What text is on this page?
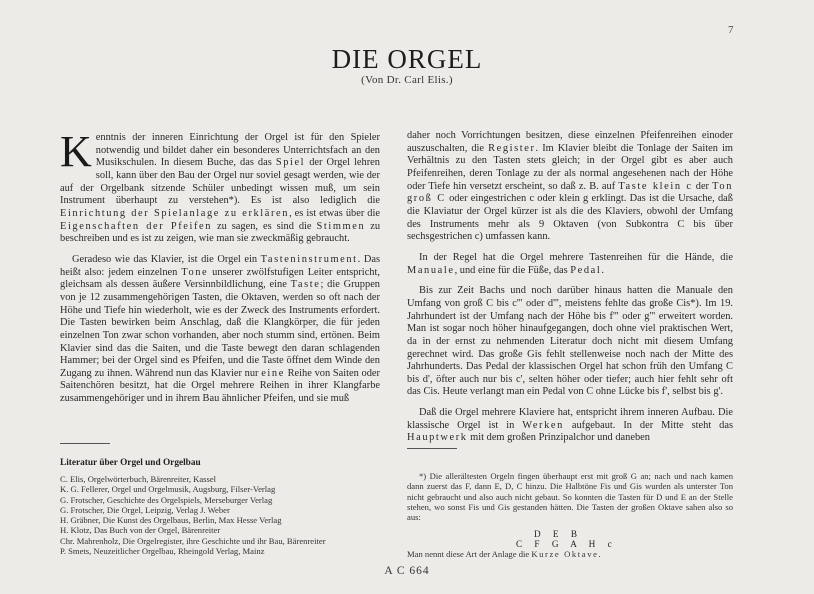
7
DIE ORGEL
(Von Dr. Carl Elis.)

Kenntnis der inneren Einrichtung der Orgel ist für den Spieler notwendig und bildet daher ein besonderes Unterrichtsfach an den Musikschulen. In diesem Buche, das das Spiel der Orgel lehren soll, kann über den Bau der Orgel nur soviel gesagt werden, wie der auf der Orgelbank sitzende Schüler unbedingt wissen muß, um sein Instrument überhaupt zu verstehen*). Es ist also lediglich die Einrichtung der Spielanlage zu erklären, es ist etwas über die Eigenschaften der Pfeifen zu sagen, es sind die Stimmen zu beschreiben und es ist zu zeigen, wie man sie zweckmäßig gebraucht.

Geradeso wie das Klavier, ist die Orgel ein Tasteninstrument. Das heißt also: jedem einzelnen Tone unserer zwölfstufigen Leiter entspricht, gleichsam als dessen äußere Versinnbildlichung, eine Taste; die Gruppen von je 12 zusammengehörigen Tasten, die Oktaven, werden so oft nach der Höhe und Tiefe hin wiederholt, wie es der Zweck des Instruments erfordert. Die Tasten bewirken beim Anschlag, daß die Klangkörper, die für jeden einzelnen Ton zwar schon vorhanden, aber noch stumm sind, ertönen. Beim Klavier sind das die Saiten, und die Taste bewegt den daran schlagenden Hammer; bei der Orgel sind es Pfeifen, und die Taste öffnet dem Winde den Zugang zu ihnen. Während nun das Klavier nur eine Reihe von Saiten oder Saitenchören besitzt, hat die Orgel mehrere Reihen in ihrer Klangfarbe zusammengehöriger und in ihrem Bau ähnlicher Pfeifen, und sie muß

daher noch Vorrichtungen besitzen, diese einzelnen Pfeifenreihen einoder auszuschalten, die Register. Im Klavier bleibt die Tonlage der Saiten im Verhältnis zu den Tasten stets gleich; in der Orgel gibt es aber auch Pfeifenreihen, deren Tonlage zu der als normal angesehenen nach der Höhe oder Tiefe hin versetzt erscheint, so daß z. B. auf Taste klein c der Ton groß C oder eingestrichen c oder klein g erklingt. Das ist die Ursache, daß die Klaviatur der Orgel kürzer ist als die des Klaviers, obwohl der Umfang des Instruments mehr als 9 Oktaven (von Subkontra C bis über sechsgestrichen c) umfassen kann.

In der Regel hat die Orgel mehrere Tastenreihen für die Hände, die Manuale, und eine für die Füße, das Pedal.

Bis zur Zeit Bachs und noch darüber hinaus hatten die Manuale den Umfang von groß C bis c''' oder d''', meistens fehlte das große Cis*). Im 19. Jahrhundert ist der Umfang nach der Höhe bis f''' oder g''' erweitert worden. Man ist sogar noch höher hinaufgegangen, doch ohne viel praktischen Wert, da in der ernst zu nehmenden Literatur doch nicht mit diesem Umfang gerechnet wird. Das große Gis fehlt stellenweise noch nach der Mitte des Jahrhunderts. Das Pedal der klassischen Orgel hat schon früh den Umfang C bis d', öfter auch nur bis c', selten höher oder tiefer; auch hier fehlt sehr oft das Cis. Heute verlangt man ein Pedal von C ohne Lücke bis f', selbst bis g'.

Daß die Orgel mehrere Klaviere hat, entspricht ihrem inneren Aufbau. Die klassische Orgel ist in Werken aufgebaut. In der Mitte steht das Hauptwerk mit dem großen Prinzipalchor und daneben

Literatur über Orgel und Orgelbau
C. Elis, Orgelwörterbuch, Bärenreiter, Kassel
K. G. Fellerer, Orgel und Orgelmusik, Augsburg, Filser-Verlag
G. Frotscher, Geschichte des Orgelspiels, Merseburger Verlag
G. Frotscher, Die Orgel, Leipzig, Verlag J. Weber
H. Gräbner, Die Kunst des Orgelbaus, Berlin, Max Hesse Verlag
H. Klotz, Das Buch von der Orgel, Bärenreiter
Chr. Mahrenholz, Die Orgelregister, ihre Geschichte und ihr Bau, Bärenreiter
P. Smets, Neuzeitlicher Orgelbau, Rheingold Verlag, Mainz

*) Die allerältesten Orgeln fingen überhaupt erst mit groß G an; nach und nach kamen dann zuerst das F, dann E, D, C hinzu. Die Halbtöne Fis und Gis wurden als unterster Ton nicht gebraucht und also auch nicht gebaut. So konnten die Tasten für D und E an der Stelle stehen, wo sonst Fis und Gis gestanden hätten. Die Tasten der großen Oktave sahen also so aus:

D E B
C F G A H c
Man nennt diese Art der Anlage die Kurze Oktave.
A C 664
